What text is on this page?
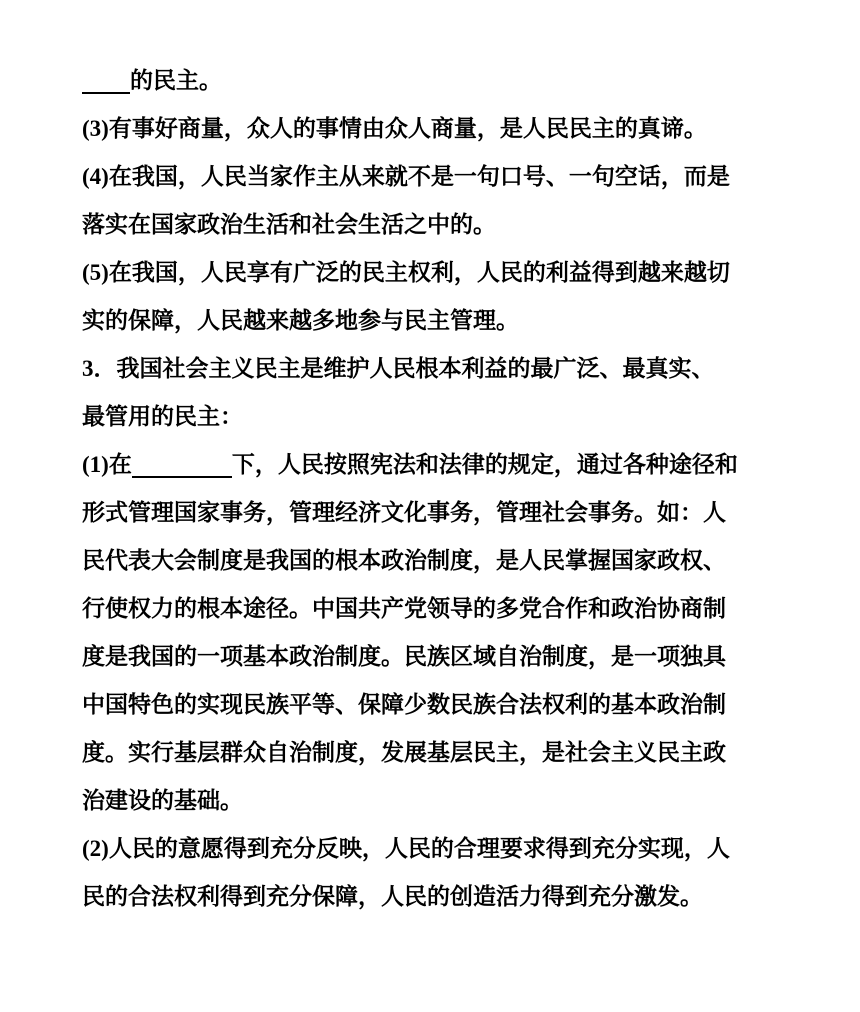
的民主。
(3)有事好商量，众人的事情由众人商量，是人民民主的真谛。
(4)在我国，人民当家作主从来就不是一句口号、一句空话，而是
落实在国家政治生活和社会生活之中的。
(5)在我国，人民享有广泛的民主权利，人民的利益得到越来越切
实的保障，人民越来越多地参与民主管理。
3．我国社会主义民主是维护人民根本利益的最广泛、最真实、
最管用的民主：
(1)在	下，人民按照宪法和法律的规定，通过各种途径和
形式管理国家事务，管理经济文化事务，管理社会事务。如：人
民代表大会制度是我国的根本政治制度，是人民掌握国家政权、
行使权力的根本途径。中国共产党领导的多党合作和政治协商制
度是我国的一项基本政治制度。民族区域自治制度，是一项独具
中国特色的实现民族平等、保障少数民族合法权利的基本政治制
度。实行基层群众自治制度，发展基层民主，是社会主义民主政
治建设的基础。
(2)人民的意愿得到充分反映，人民的合理要求得到充分实现，人
民的合法权利得到充分保障，人民的创造活力得到充分激发。
